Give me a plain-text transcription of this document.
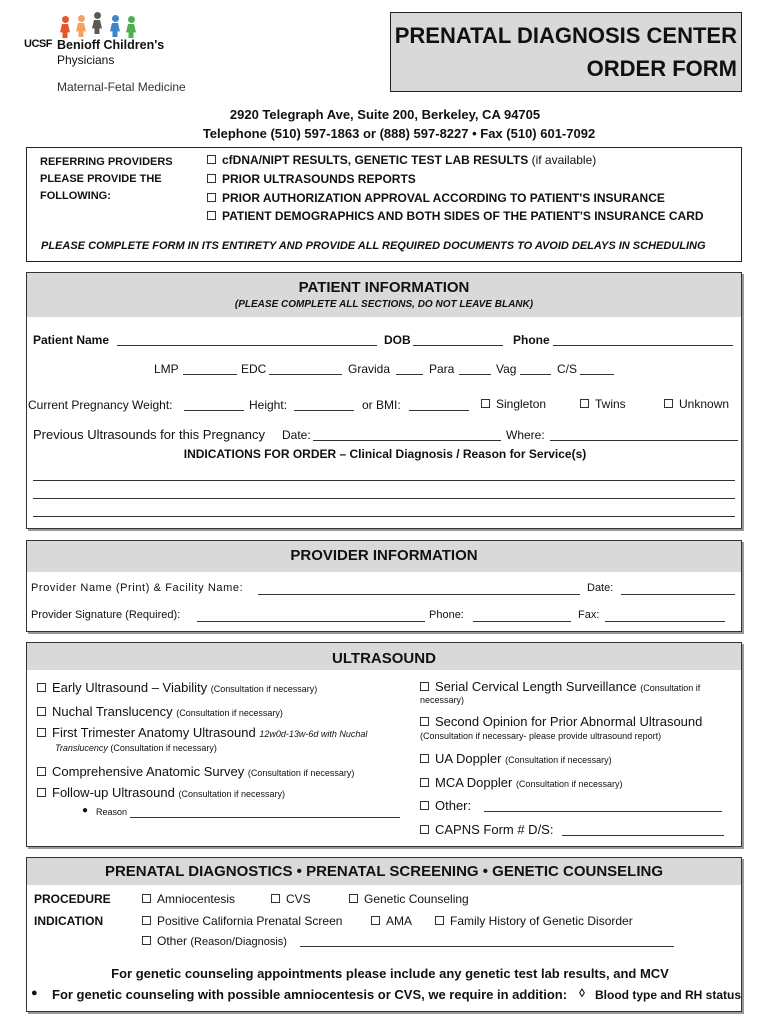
UCSF Benioff Children's
Physicians
Maternal-Fetal Medicine
PRENATAL DIAGNOSIS CENTER
ORDER FORM
2920 Telegraph Ave, Suite 200, Berkeley, CA 94705
Telephone (510) 597-1863 or (888) 597-8227 • Fax (510) 601-7092
REFERRING PROVIDERS
PLEASE PROVIDE THE
FOLLOWING:
cfDNA/NIPT RESULTS, GENETIC TEST LAB RESULTS (if available)
PRIOR ULTRASOUNDS REPORTS
PRIOR AUTHORIZATION APPROVAL ACCORDING TO PATIENT'S INSURANCE
PATIENT DEMOGRAPHICS AND BOTH SIDES OF THE PATIENT'S INSURANCE CARD
PLEASE COMPLETE FORM IN ITS ENTIRETY AND PROVIDE ALL REQUIRED DOCUMENTS TO AVOID DELAYS IN SCHEDULING
PATIENT INFORMATION
(PLEASE COMPLETE ALL SECTIONS, DO NOT LEAVE BLANK)
Patient Name	DOB	Phone
LMP	EDC	Gravida	Para	Vag	C/S
Current Pregnancy Weight:	Height:	or BMI:	Singleton	Twins	Unknown
Previous Ultrasounds for this Pregnancy Date:	Where:
INDICATIONS FOR ORDER – Clinical Diagnosis / Reason for Service(s)
PROVIDER INFORMATION
Provider Name (Print) & Facility Name:	Date:
Provider Signature (Required):	Phone:	Fax:
ULTRASOUND
Early Ultrasound – Viability (Consultation if necessary)
Nuchal Translucency (Consultation if necessary)
First Trimester Anatomy Ultrasound 12w0d-13w-6d with Nuchal
Translucency (Consultation if necessary)
Comprehensive Anatomic Survey (Consultation if necessary)
Follow-up Ultrasound (Consultation if necessary)
● Reason
Serial Cervical Length Surveillance (Consultation if
necessary)
Second Opinion for Prior Abnormal Ultrasound
(Consultation if necessary- please provide ultrasound report)
UA Doppler (Consultation if necessary)
MCA Doppler (Consultation if necessary)
Other:
CAPNS Form # D/S:
PRENATAL DIAGNOSTICS • PRENATAL SCREENING • GENETIC COUNSELING
PROCEDURE	Amniocentesis	CVS	Genetic Counseling
INDICATION	Positive California Prenatal Screen	AMA	Family History of Genetic Disorder
Other (Reason/Diagnosis)
For genetic counseling appointments please include any genetic test lab results, and MCV
● For genetic counseling with possible amniocentesis or CVS, we require in addition: ◊ Blood type and RH status
